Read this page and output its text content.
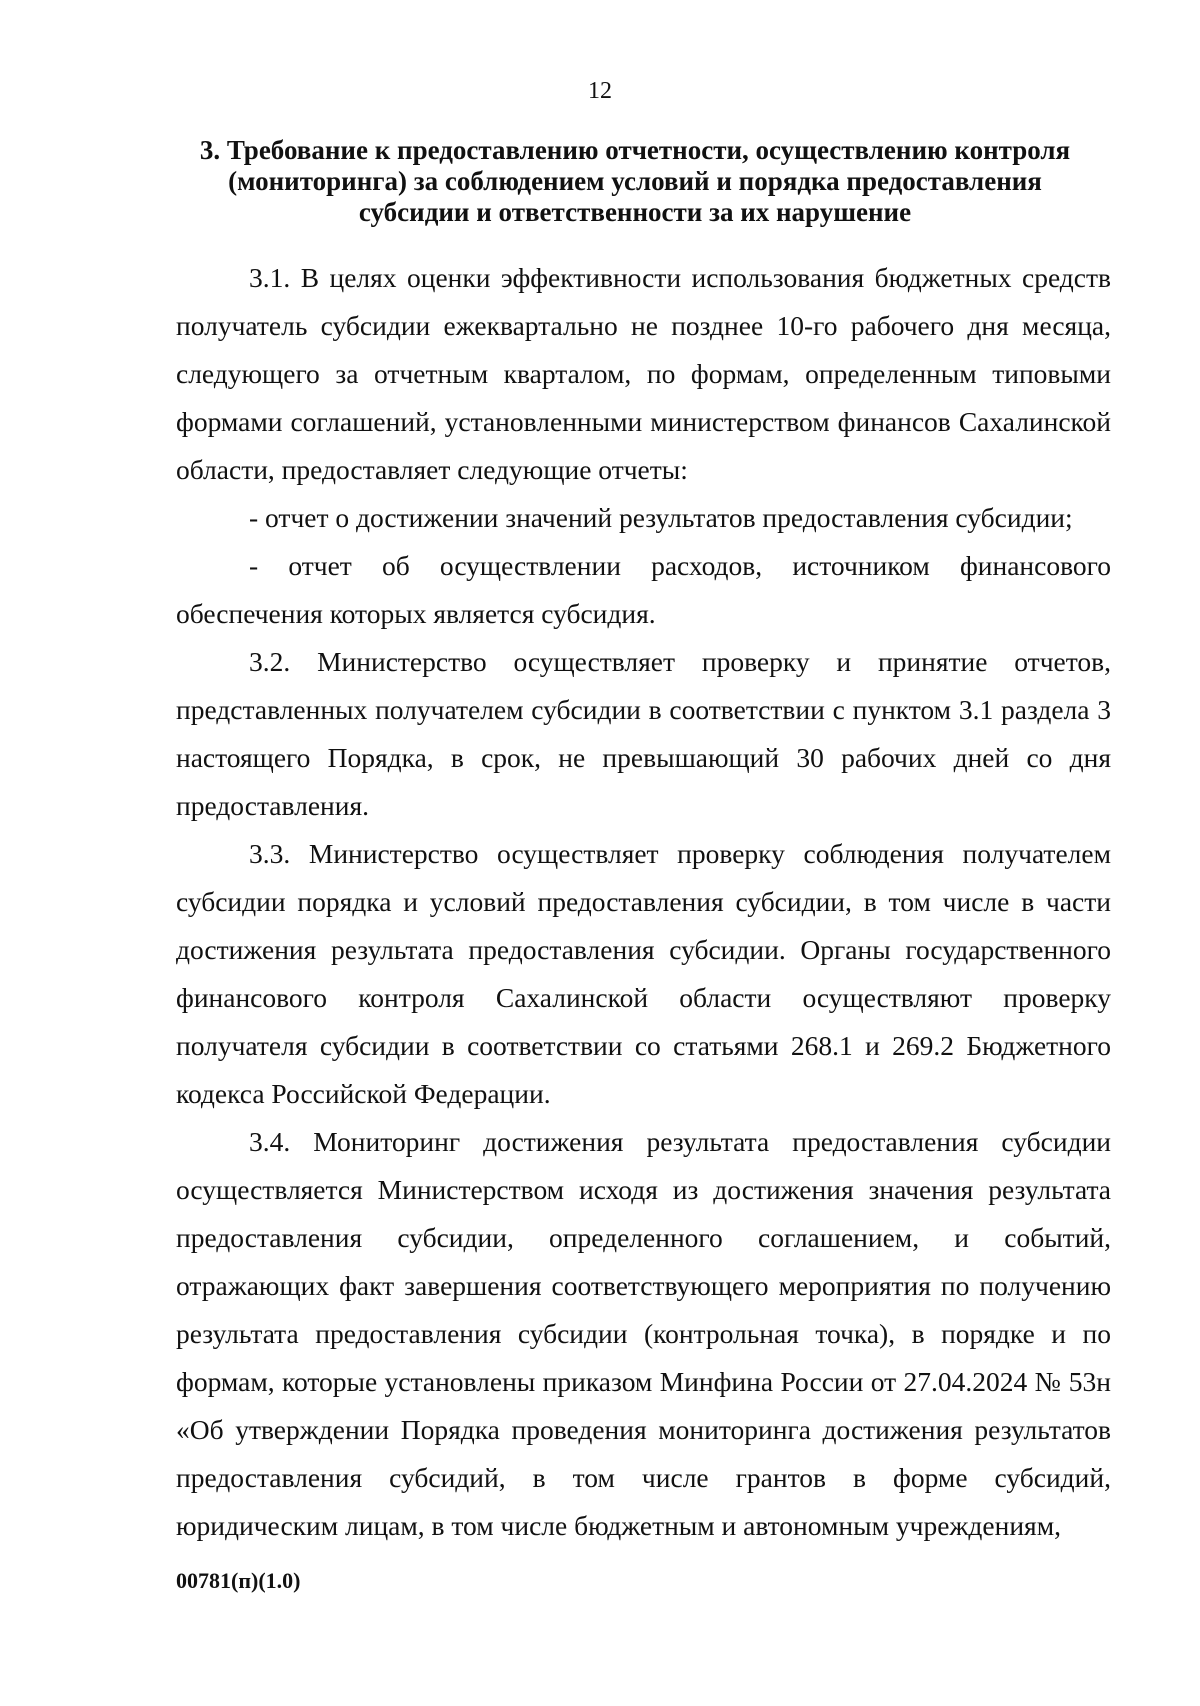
12
3. Требование к предоставлению отчетности, осуществлению контроля (мониторинга) за соблюдением условий и порядка предоставления субсидии и ответственности за их нарушение

3.1. В целях оценки эффективности использования бюджетных средств получатель субсидии ежеквартально не позднее 10-го рабочего дня месяца, следующего за отчетным кварталом, по формам, определенным типовыми формами соглашений, установленными министерством финансов Сахалинской области, предоставляет следующие отчеты:

- отчет о достижении значений результатов предоставления субсидии;

- отчет об осуществлении расходов, источником финансового обеспечения которых является субсидия.

3.2. Министерство осуществляет проверку и принятие отчетов, представленных получателем субсидии в соответствии с пунктом 3.1 раздела 3 настоящего Порядка, в срок, не превышающий 30 рабочих дней со дня предоставления.

3.3. Министерство осуществляет проверку соблюдения получателем субсидии порядка и условий предоставления субсидии, в том числе в части достижения результата предоставления субсидии. Органы государственного финансового контроля Сахалинской области осуществляют проверку получателя субсидии в соответствии со статьями 268.1 и 269.2 Бюджетного кодекса Российской Федерации.

3.4. Мониторинг достижения результата предоставления субсидии осуществляется Министерством исходя из достижения значения результата предоставления субсидии, определенного соглашением, и событий, отражающих факт завершения соответствующего мероприятия по получению результата предоставления субсидии (контрольная точка), в порядке и по формам, которые установлены приказом Минфина России от 27.04.2024 № 53н «Об утверждении Порядка проведения мониторинга достижения результатов предоставления субсидий, в том числе грантов в форме субсидий, юридическим лицам, в том числе бюджетным и автономным учреждениям,

00781(п)(1.0)
